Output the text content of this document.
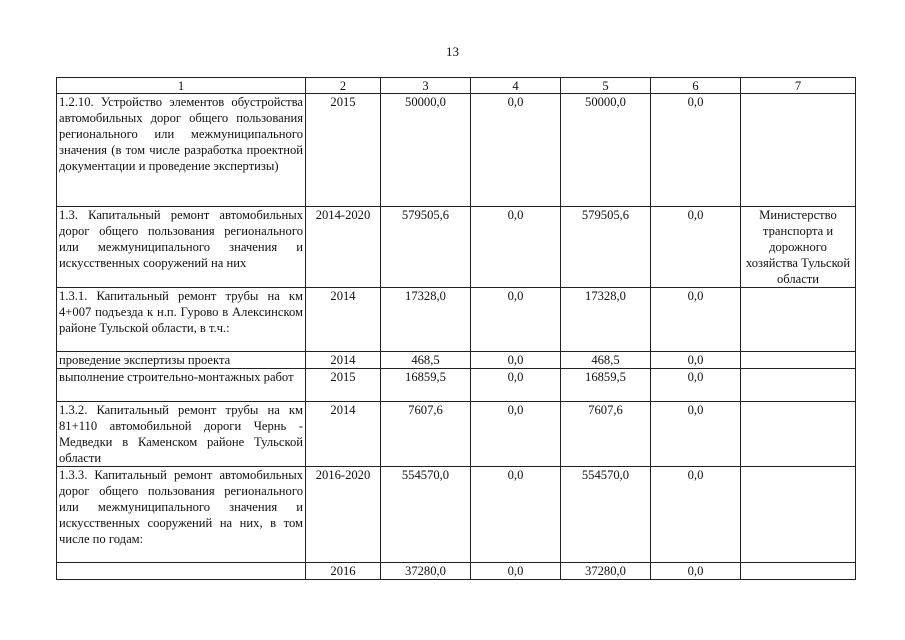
13
1	2	3	4	5	6	7
1.2.10. Устройство элементов обустройства автомобильных дорог общего пользования регионального или межмуниципального значения (в том числе разработка проектной документации и проведение экспертизы)	2015	50000,0	0,0	50000,0	0,0	
1.3. Капитальный ремонт автомобильных дорог общего пользования регионального или межмуниципального значения и искусственных сооружений на них	2014-2020	579505,6	0,0	579505,6	0,0	Министерство транспорта и дорожного хозяйства Тульской области
1.3.1. Капитальный ремонт трубы на км 4+007 подъезда к н.п. Гурово в Алексинском районе Тульской области, в т.ч.:	2014	17328,0	0,0	17328,0	0,0	
проведение экспертизы проекта	2014	468,5	0,0	468,5	0,0	
выполнение строительно-монтажных работ	2015	16859,5	0,0	16859,5	0,0	
1.3.2. Капитальный ремонт трубы на км 81+110 автомобильной дороги Чернь - Медведки в Каменском районе Тульской области	2014	7607,6	0,0	7607,6	0,0	
1.3.3. Капитальный ремонт автомобильных дорог общего пользования регионального или межмуниципального значения и искусственных сооружений на них, в том числе по годам:	2016-2020	554570,0	0,0	554570,0	0,0	
	2016	37280,0	0,0	37280,0	0,0	
